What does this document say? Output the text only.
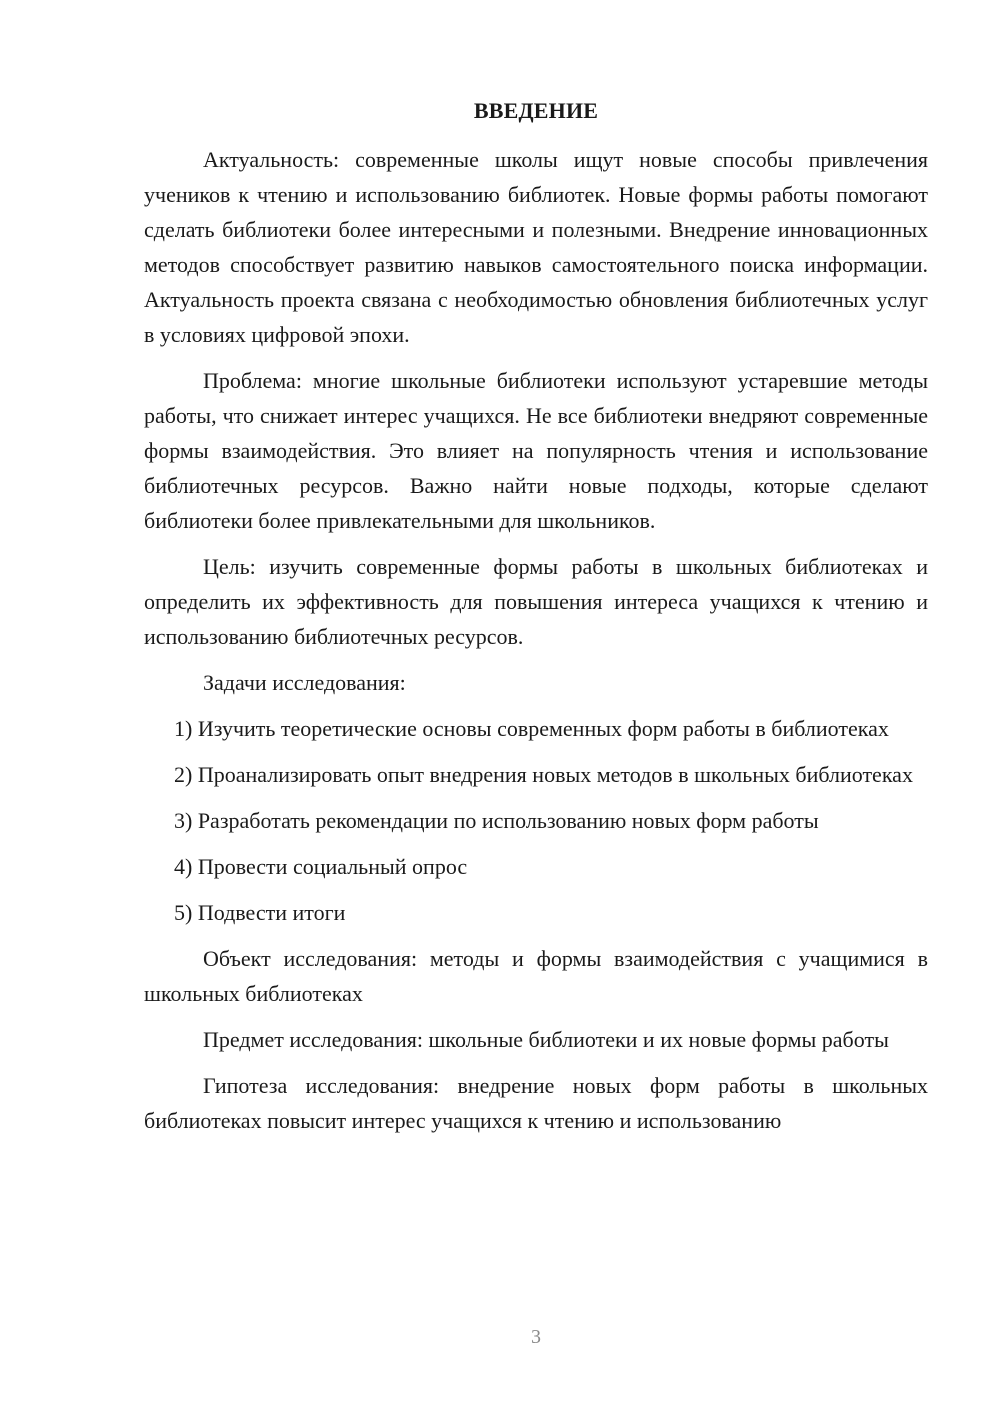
ВВЕДЕНИЕ

Актуальность: современные школы ищут новые способы привлечения учеников к чтению и использованию библиотек. Новые формы работы помогают сделать библиотеки более интересными и полезными. Внедрение инновационных методов способствует развитию навыков самостоятельного поиска информации. Актуальность проекта связана с необходимостью обновления библиотечных услуг в условиях цифровой эпохи.

Проблема: многие школьные библиотеки используют устаревшие методы работы, что снижает интерес учащихся. Не все библиотеки внедряют современные формы взаимодействия. Это влияет на популярность чтения и использование библиотечных ресурсов. Важно найти новые подходы, которые сделают библиотеки более привлекательными для школьников.

Цель: изучить современные формы работы в школьных библиотеках и определить их эффективность для повышения интереса учащихся к чтению и использованию библиотечных ресурсов.

Задачи исследования:

1) Изучить теоретические основы современных форм работы в библиотеках

2) Проанализировать опыт внедрения новых методов в школьных библиотеках

3) Разработать рекомендации по использованию новых форм работы

4) Провести социальный опрос

5) Подвести итоги

Объект исследования: методы и формы взаимодействия с учащимися в школьных библиотеках

Предмет исследования: школьные библиотеки и их новые формы работы

Гипотеза исследования: внедрение новых форм работы в школьных библиотеках повысит интерес учащихся к чтению и использованию

3
